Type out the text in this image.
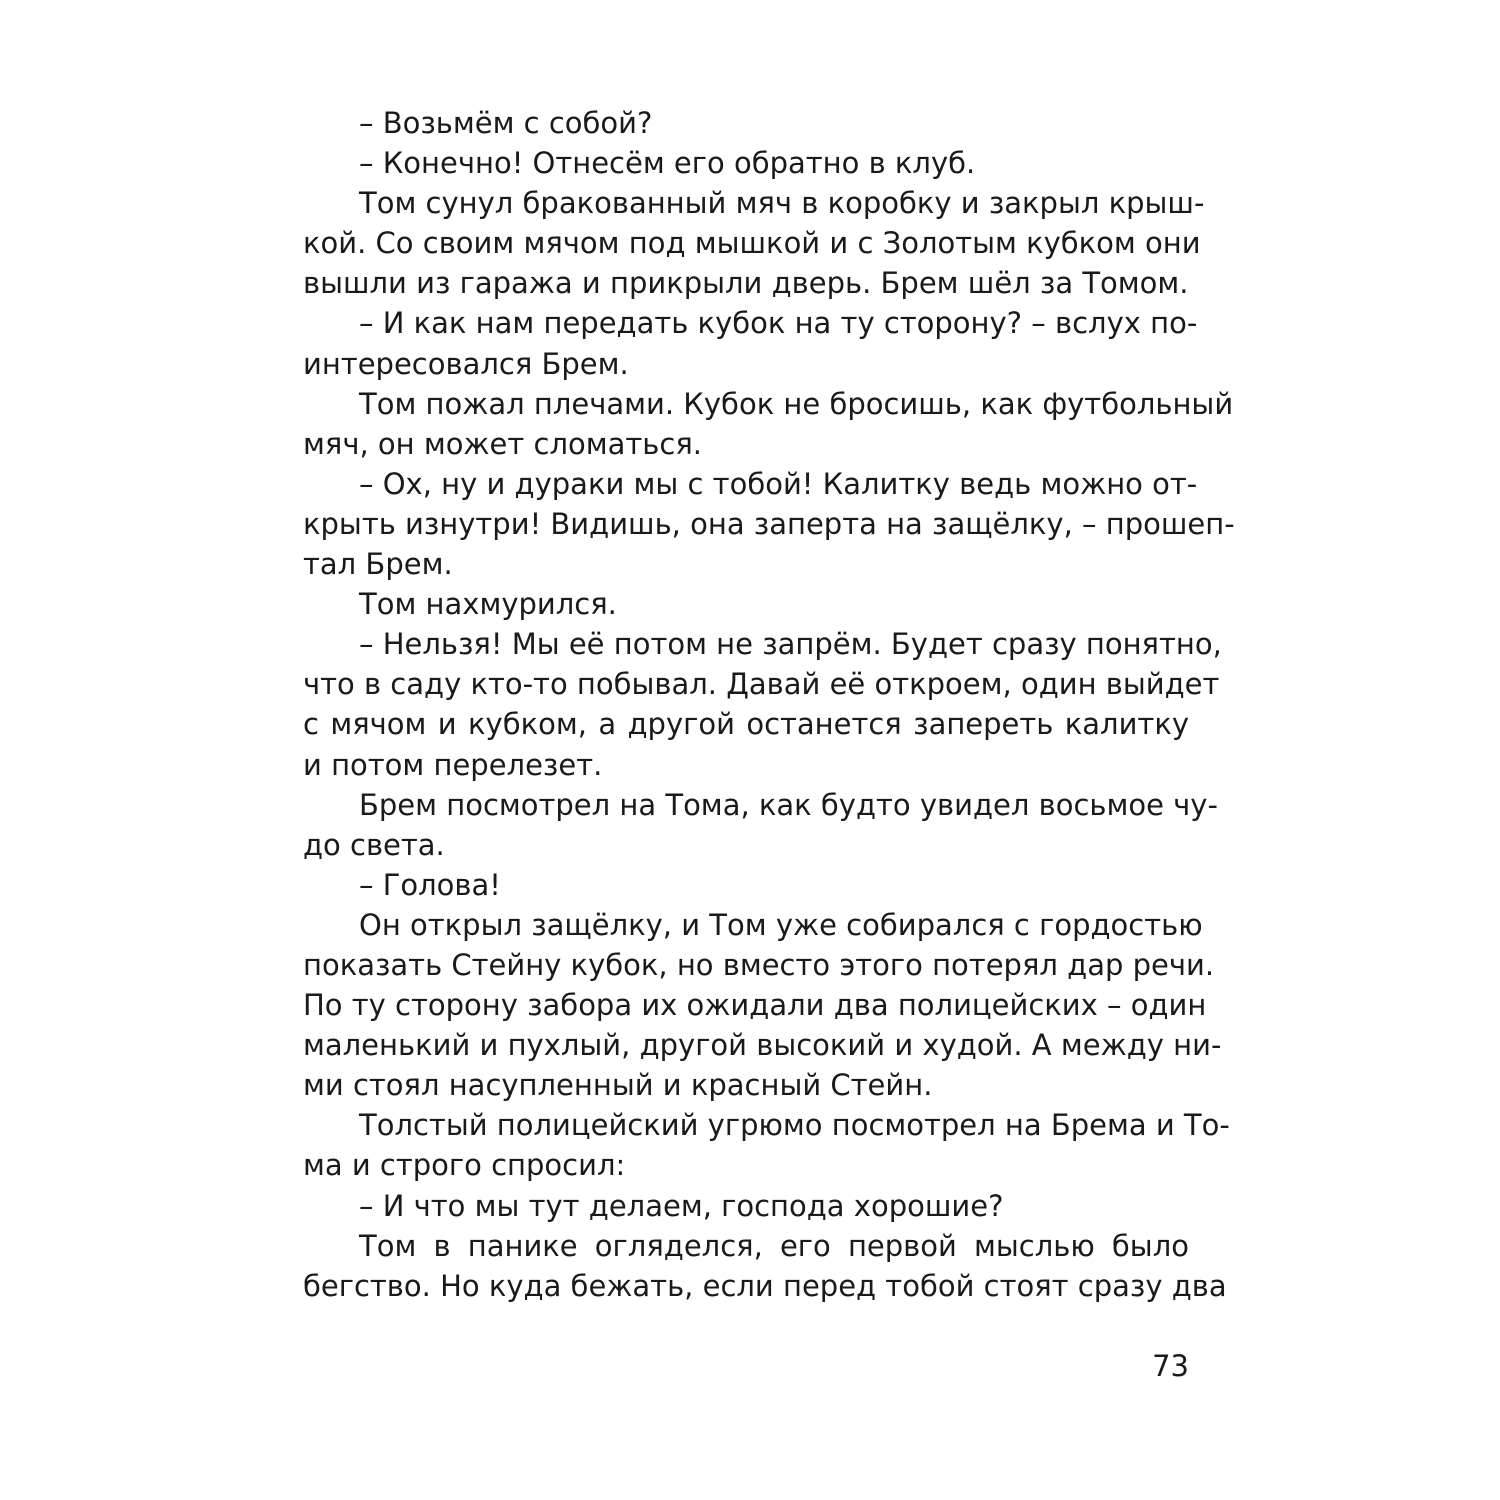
– Возьмём с собой?
– Конечно! Отнесём его обратно в клуб.
Том сунул бракованный мяч в коробку и закрыл крыш-
кой. Со своим мячом под мышкой и с Золотым кубком они
вышли из гаража и прикрыли дверь. Брем шёл за Томом.
– И как нам передать кубок на ту сторону? – вслух по-
интересовался Брем.
Том пожал плечами. Кубок не бросишь, как футбольный
мяч, он может сломаться.
– Ох, ну и дураки мы с тобой! Калитку ведь можно от-
крыть изнутри! Видишь, она заперта на защёлку, – прошеп-
тал Брем.
Том нахмурился.
– Нельзя! Мы её потом не запрём. Будет сразу понятно,
что в саду кто-то побывал. Давай её откроем, один выйдет
с мячом и кубком, а другой останется запереть калитку
и потом перелезет.
Брем посмотрел на Тома, как будто увидел восьмое чу-
до света.
– Голова!
Он открыл защёлку, и Том уже собирался с гордостью
показать Стейну кубок, но вместо этого потерял дар речи.
По ту сторону забора их ожидали два полицейских – один
маленький и пухлый, другой высокий и худой. А между ни-
ми стоял насупленный и красный Стейн.
Толстый полицейский угрюмо посмотрел на Брема и То-
ма и строго спросил:
– И что мы тут делаем, господа хорошие?
Том в панике огляделся, его первой мыслью было
бегство. Но куда бежать, если перед тобой стоят сразу два
73
